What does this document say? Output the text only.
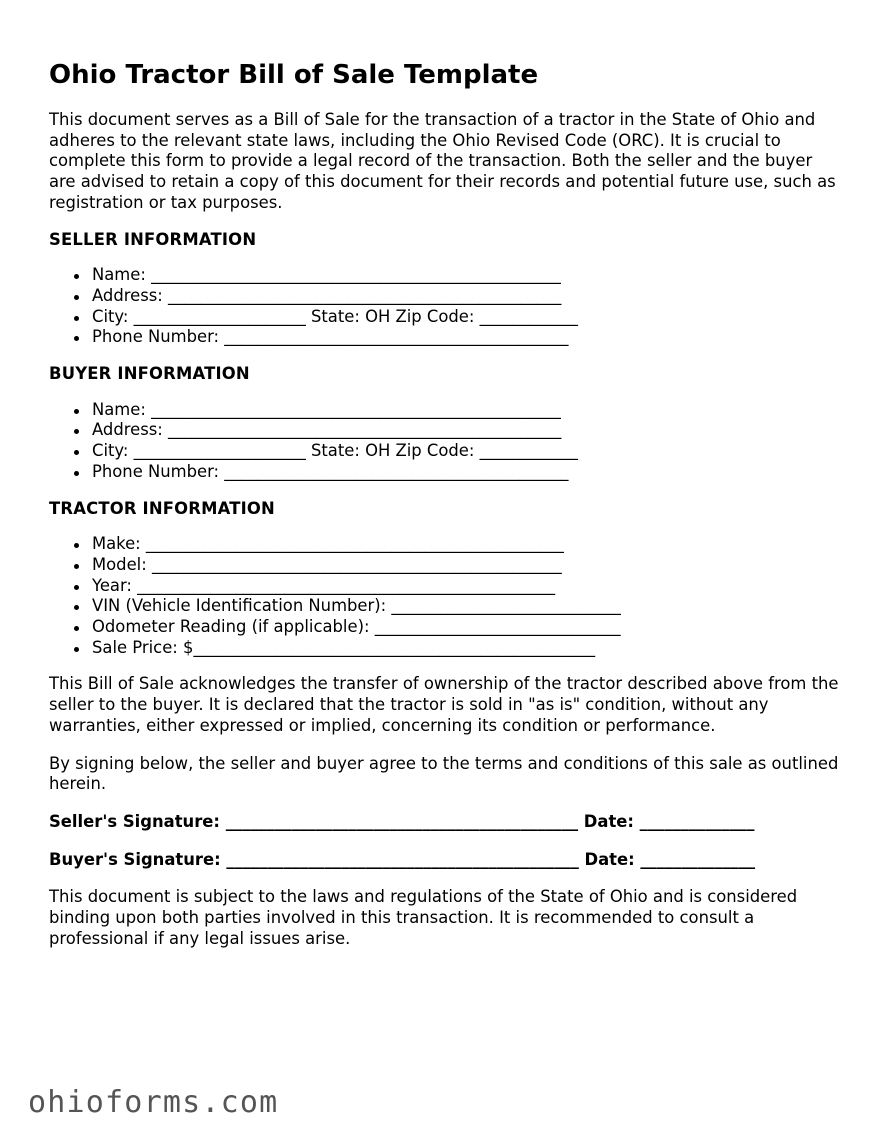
Ohio Tractor Bill of Sale Template

This document serves as a Bill of Sale for the transaction of a tractor in the State of Ohio and adheres to the relevant state laws, including the Ohio Revised Code (ORC). It is crucial to complete this form to provide a legal record of the transaction. Both the seller and the buyer are advised to retain a copy of this document for their records and potential future use, such as registration or tax purposes.

SELLER INFORMATION
Name: __________________________________________________
Address: ________________________________________________
City: _____________________ State: OH Zip Code: ____________
Phone Number: __________________________________________
BUYER INFORMATION
Name: __________________________________________________
Address: ________________________________________________
City: _____________________ State: OH Zip Code: ____________
Phone Number: __________________________________________
TRACTOR INFORMATION
Make: ___________________________________________________
Model: __________________________________________________
Year: ___________________________________________________
VIN (Vehicle Identification Number): ____________________________
Odometer Reading (if applicable): ______________________________
Sale Price: $_________________________________________________

This Bill of Sale acknowledges the transfer of ownership of the tractor described above from the seller to the buyer. It is declared that the tractor is sold in "as is" condition, without any warranties, either expressed or implied, concerning its condition or performance.

By signing below, the seller and buyer agree to the terms and conditions of this sale as outlined herein.

Seller's Signature: ___________________________________________ Date: ______________
Buyer's Signature: ___________________________________________ Date: ______________

This document is subject to the laws and regulations of the State of Ohio and is considered binding upon both parties involved in this transaction. It is recommended to consult a professional if any legal issues arise.

ohioforms.com
